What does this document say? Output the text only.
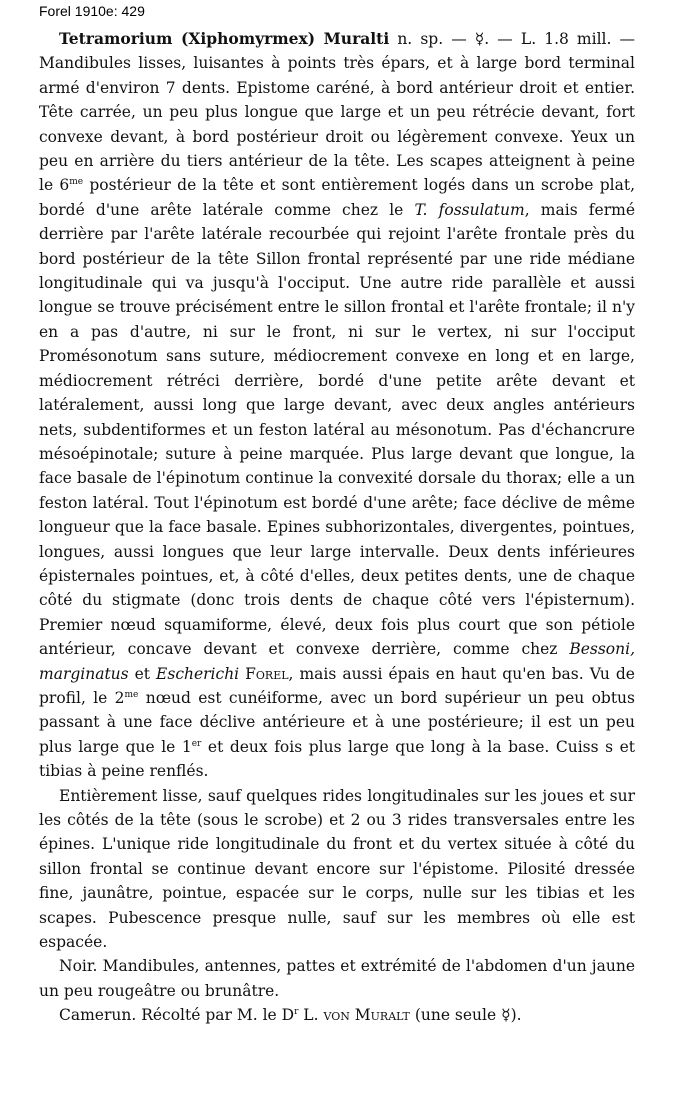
Forel 1910e: 429

Tetramorium (Xiphomyrmex) Muralti n. sp. — ☿. — L. 1.8 mill. — Mandibules lisses, luisantes à points très épars, et à large bord terminal armé d'environ 7 dents. Epistome caréné, à bord antérieur droit et entier. Tête carrée, un peu plus longue que large et un peu rétrécie devant, fort convexe devant, à bord postérieur droit ou légèrement convexe. Yeux un peu en arrière du tiers antérieur de la tête. Les scapes atteignent à peine le $6^{me}$ postérieur de la tête et sont entièrement logés dans un scrobe plat, bordé d'une arête latérale comme chez le T. fossulatum, mais fermé derrière par l'arête latérale recourbée qui rejoint l'arête frontale près du bord postérieur de la tête Sillon frontal représenté par une ride médiane longitudinale qui va jusqu'à l'occiput. Une autre ride parallèle et aussi longue se trouve précisément entre le sillon frontal et l'arête frontale; il n'y en a pas d'autre, ni sur le front, ni sur le vertex, ni sur l'occiput Promésonotum sans suture, médiocrement convexe en long et en large, médiocrement rétréci derrière, bordé d'une petite arête devant et latéralement, aussi long que large devant, avec deux angles antérieurs nets, subdentiformes et un feston latéral au mésonotum. Pas d'échancrure mésoépinotale; suture à peine marquée. Plus large devant que longue, la face basale de l'épinotum continue la convexité dorsale du thorax; elle a un feston latéral. Tout l'épinotum est bordé d'une arête; face déclive de même longueur que la face basale. Epines subhorizontales, divergentes, pointues, longues, aussi longues que leur large intervalle. Deux dents inférieures épisternales pointues, et, à côté d'elles, deux petites dents, une de chaque côté du stigmate (donc trois dents de chaque côté vers l'épisternum). Premier nœud squamiforme, élevé, deux fois plus court que son pétiole antérieur, concave devant et convexe derrière, comme chez Bessoni, marginatus et Escherichi Forel, mais aussi épais en haut qu'en bas. Vu de profil, le $2^{me}$ nœud est cunéiforme, avec un bord supérieur un peu obtus passant à une face déclive antérieure et à une postérieure; il est un peu plus large que le 1er et deux fois plus large que long à la base. Cuiss s et tibias à peine renflés.

Entièrement lisse, sauf quelques rides longitudinales sur les joues et sur les côtés de la tête (sous le scrobe) et 2 ou 3 rides transversales entre les épines. L'unique ride longitudinale du front et du vertex située à côté du sillon frontal se continue devant encore sur l'épistome. Pilosité dressée fine, jaunâtre, pointue, espacée sur le corps, nulle sur les tibias et les scapes. Pubescence presque nulle, sauf sur les membres où elle est espacée.

Noir. Mandibules, antennes, pattes et extrémité de l'abdomen d'un jaune un peu rougeâtre ou brunâtre.

Camerun. Récolté par M. le $D^r$ L. von Muralt (une seule ☿).
